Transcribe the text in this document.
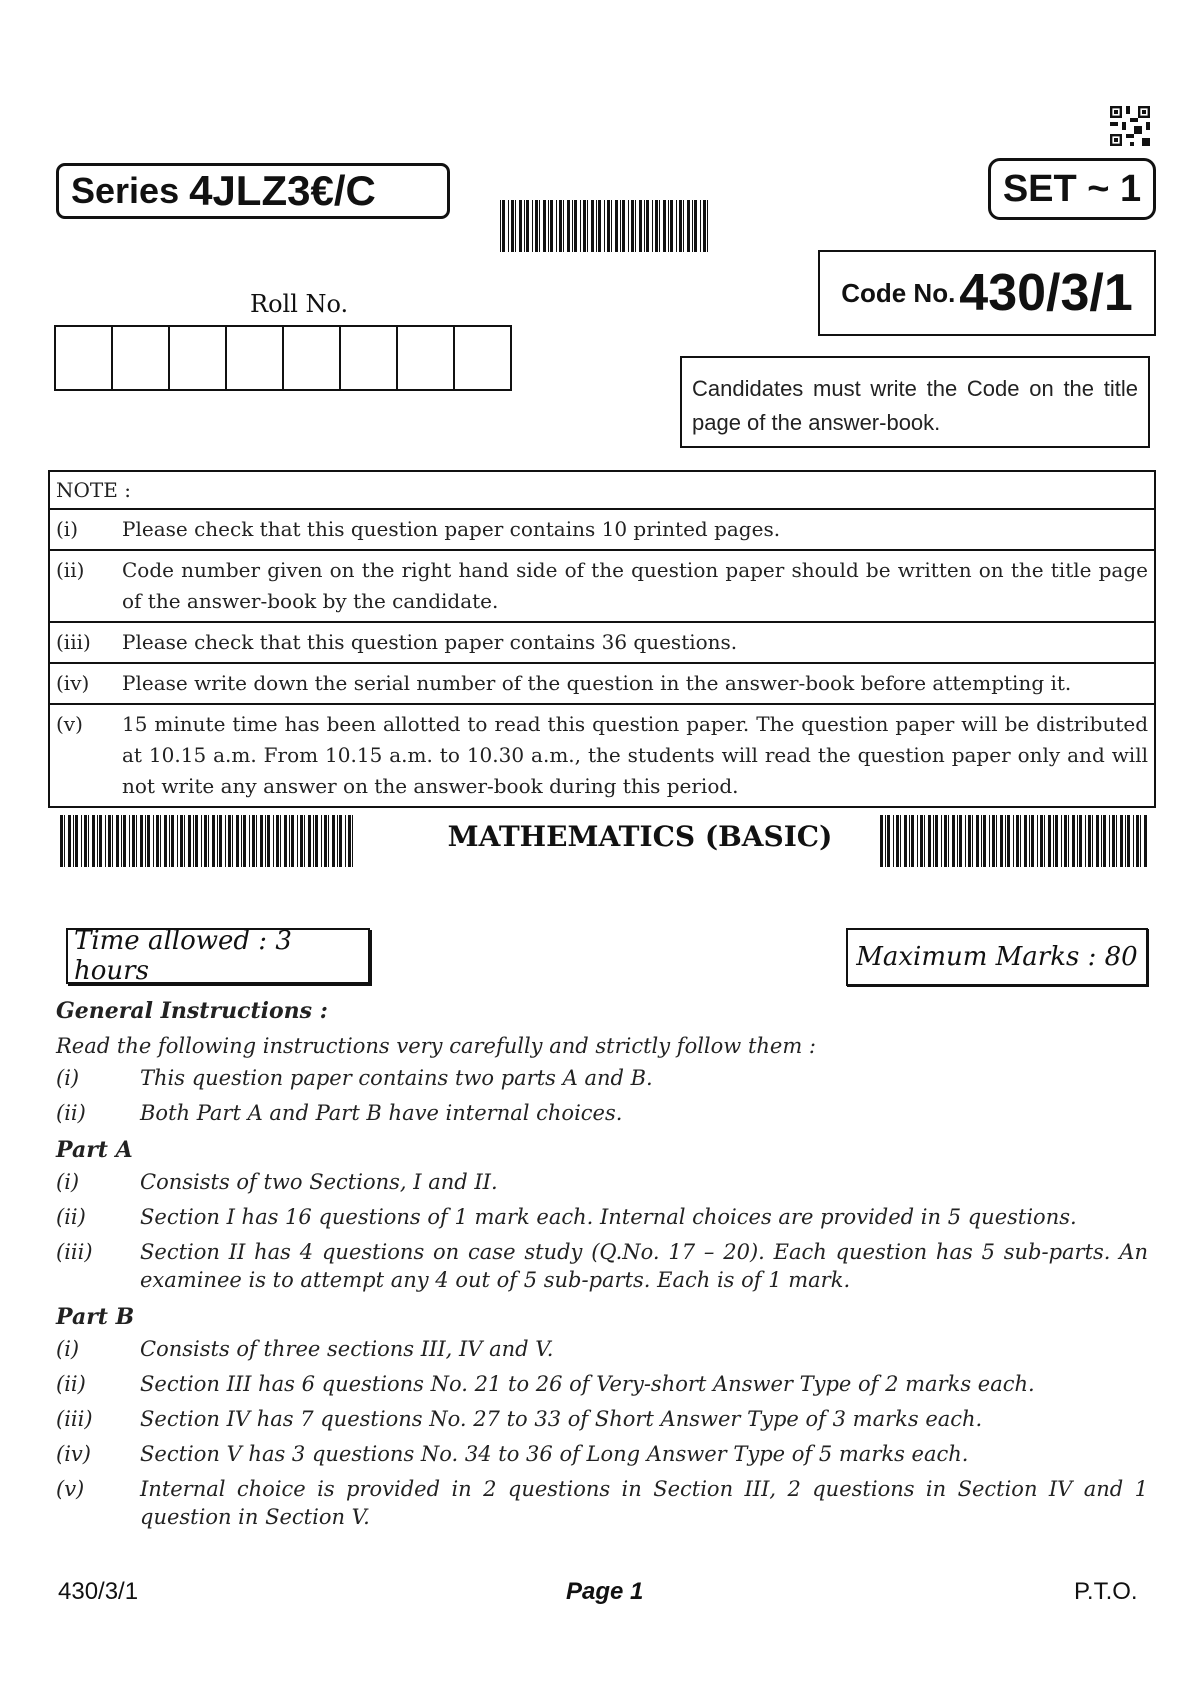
Series 4JLZ3€/C	SET ~ 1
Roll No.	Code No. 430/3/1
Candidates must write the Code on the title page of the answer-book.
NOTE :
(i)	Please check that this question paper contains 10 printed pages.
(ii)	Code number given on the right hand side of the question paper should be written on the title page of the answer-book by the candidate.
(iii)	Please check that this question paper contains 36 questions.
(iv)	Please write down the serial number of the question in the answer-book before attempting it.
(v)	15 minute time has been allotted to read this question paper. The question paper will be distributed at 10.15 a.m. From 10.15 a.m. to 10.30 a.m., the students will read the question paper only and will not write any answer on the answer-book during this period.
MATHEMATICS (BASIC)
Time allowed : 3 hours	Maximum Marks : 80
General Instructions :
Read the following instructions very carefully and strictly follow them :
(i)	This question paper contains two parts A and B.
(ii)	Both Part A and Part B have internal choices.
Part A
(i)	Consists of two Sections, I and II.
(ii)	Section I has 16 questions of 1 mark each. Internal choices are provided in 5 questions.
(iii)	Section II has 4 questions on case study (Q.No. 17 – 20). Each question has 5 sub-parts. An examinee is to attempt any 4 out of 5 sub-parts. Each is of 1 mark.
Part B
(i)	Consists of three sections III, IV and V.
(ii)	Section III has 6 questions No. 21 to 26 of Very-short Answer Type of 2 marks each.
(iii)	Section IV has 7 questions No. 27 to 33 of Short Answer Type of 3 marks each.
(iv)	Section V has 3 questions No. 34 to 36 of Long Answer Type of 5 marks each.
(v)	Internal choice is provided in 2 questions in Section III, 2 questions in Section IV and 1 question in Section V.
430/3/1	Page 1	P.T.O.
